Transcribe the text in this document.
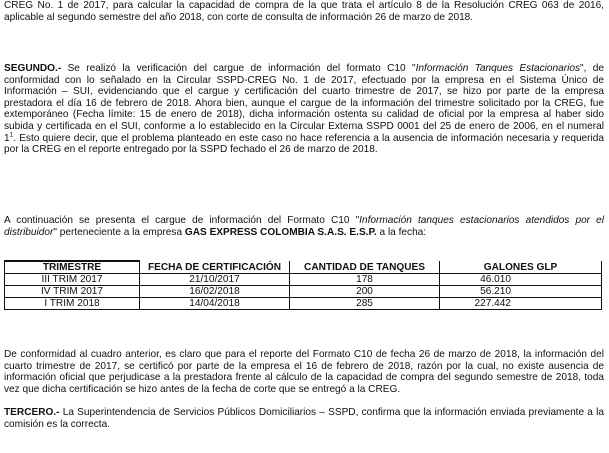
CREG No. 1 de 2017, para calcular la capacidad de compra de la que trata el artículo 8 de la Resolución CREG 063 de 2016, aplicable al segundo semestre del año 2018, con corte de consulta de información 26 de marzo de 2018.

SEGUNDO.- Se realizó la verificación del cargue de información del formato C10 "Información Tanques Estacionarios", de conformidad con lo señalado en la Circular SSPD-CREG No. 1 de 2017, efectuado por la empresa en el Sistema Único de Información – SUI, evidenciando que el cargue y certificación del cuarto trimestre de 2017, se hizo por parte de la empresa prestadora el día 16 de febrero de 2018. Ahora bien, aunque el cargue de la información del trimestre solicitado por la CREG, fue extemporáneo (Fecha límite: 15 de enero de 2018), dicha información ostenta su calidad de oficial por la empresa al haber sido subida y certificada en el SUI, conforme a lo establecido en la Circular Externa SSPD 0001 del 25 de enero de 2006, en el numeral $1^1$. Esto quiere decir, que el problema planteado en este caso no hace referencia a la ausencia de información necesaria y requerida por la CREG en el reporte entregado por la SSPD fechado el 26 de marzo de 2018.

A continuación se presenta el cargue de información del Formato C10 "Información tanques estacionarios atendidos por el distribuidor" perteneciente a la empresa GAS EXPRESS COLOMBIA S.A.S. E.S.P. a la fecha:

TRIMESTRE	FECHA DE CERTIFICACIÓN	CANTIDAD DE TANQUES	GALONES GLP
III TRIM 2017	21/10/2017	178	46.010
IV TRIM 2017	16/02/2018	200	56.210
I TRIM 2018	14/04/2018	285	227.442

De conformidad al cuadro anterior, es claro que para el reporte del Formato C10 de fecha 26 de marzo de 2018, la información del cuarto trimestre de 2017, se certificó por parte de la empresa el 16 de febrero de 2018, razón por la cual, no existe ausencia de información oficial que perjudicase a la prestadora frente al cálculo de la capacidad de compra del segundo semestre de 2018, toda vez que dicha certificación se hizo antes de la fecha de corte que se entregó a la CREG.

TERCERO.- La Superintendencia de Servicios Públicos Domiciliarios – SSPD, confirma que la información enviada previamente a la comisión es la correcta.
